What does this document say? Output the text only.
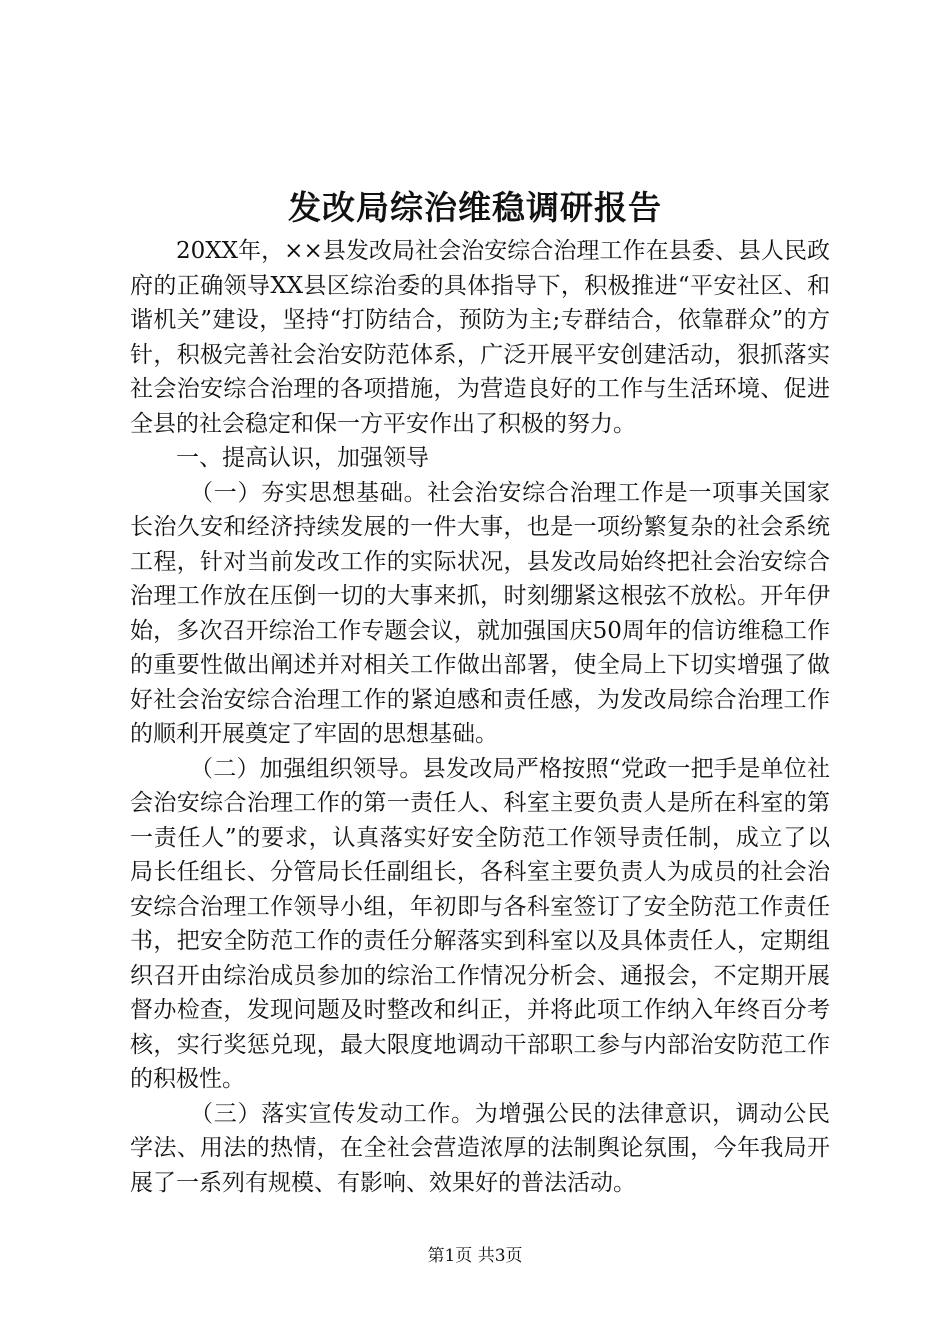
发改局综治维稳调研报告

20XX年，××县发改局社会治安综合治理工作在县委、县人民政府的正确领导XX县区综治委的具体指导下，积极推进“平安社区、和谐机关”建设，坚持“打防结合，预防为主;专群结合，依靠群众”的方针，积极完善社会治安防范体系，广泛开展平安创建活动，狠抓落实社会治安综合治理的各项措施，为营造良好的工作与生活环境、促进全县的社会稳定和保一方平安作出了积极的努力。

一、提高认识，加强领导

（一）夯实思想基础。社会治安综合治理工作是一项事关国家长治久安和经济持续发展的一件大事，也是一项纷繁复杂的社会系统工程，针对当前发改工作的实际状况，县发改局始终把社会治安综合治理工作放在压倒一切的大事来抓，时刻绷紧这根弦不放松。开年伊始，多次召开综治工作专题会议，就加强国庆50周年的信访维稳工作的重要性做出阐述并对相关工作做出部署，使全局上下切实增强了做好社会治安综合治理工作的紧迫感和责任感，为发改局综合治理工作的顺利开展奠定了牢固的思想基础。

（二）加强组织领导。县发改局严格按照“党政一把手是单位社会治安综合治理工作的第一责任人、科室主要负责人是所在科室的第一责任人”的要求，认真落实好安全防范工作领导责任制，成立了以局长任组长、分管局长任副组长，各科室主要负责人为成员的社会治安综合治理工作领导小组，年初即与各科室签订了安全防范工作责任书，把安全防范工作的责任分解落实到科室以及具体责任人，定期组织召开由综治成员参加的综治工作情况分析会、通报会，不定期开展督办检查，发现问题及时整改和纠正，并将此项工作纳入年终百分考核，实行奖惩兑现，最大限度地调动干部职工参与内部治安防范工作的积极性。

（三）落实宣传发动工作。为增强公民的法律意识，调动公民学法、用法的热情，在全社会营造浓厚的法制舆论氛围，今年我局开展了一系列有规模、有影响、效果好的普法活动。

第1页 共3页
